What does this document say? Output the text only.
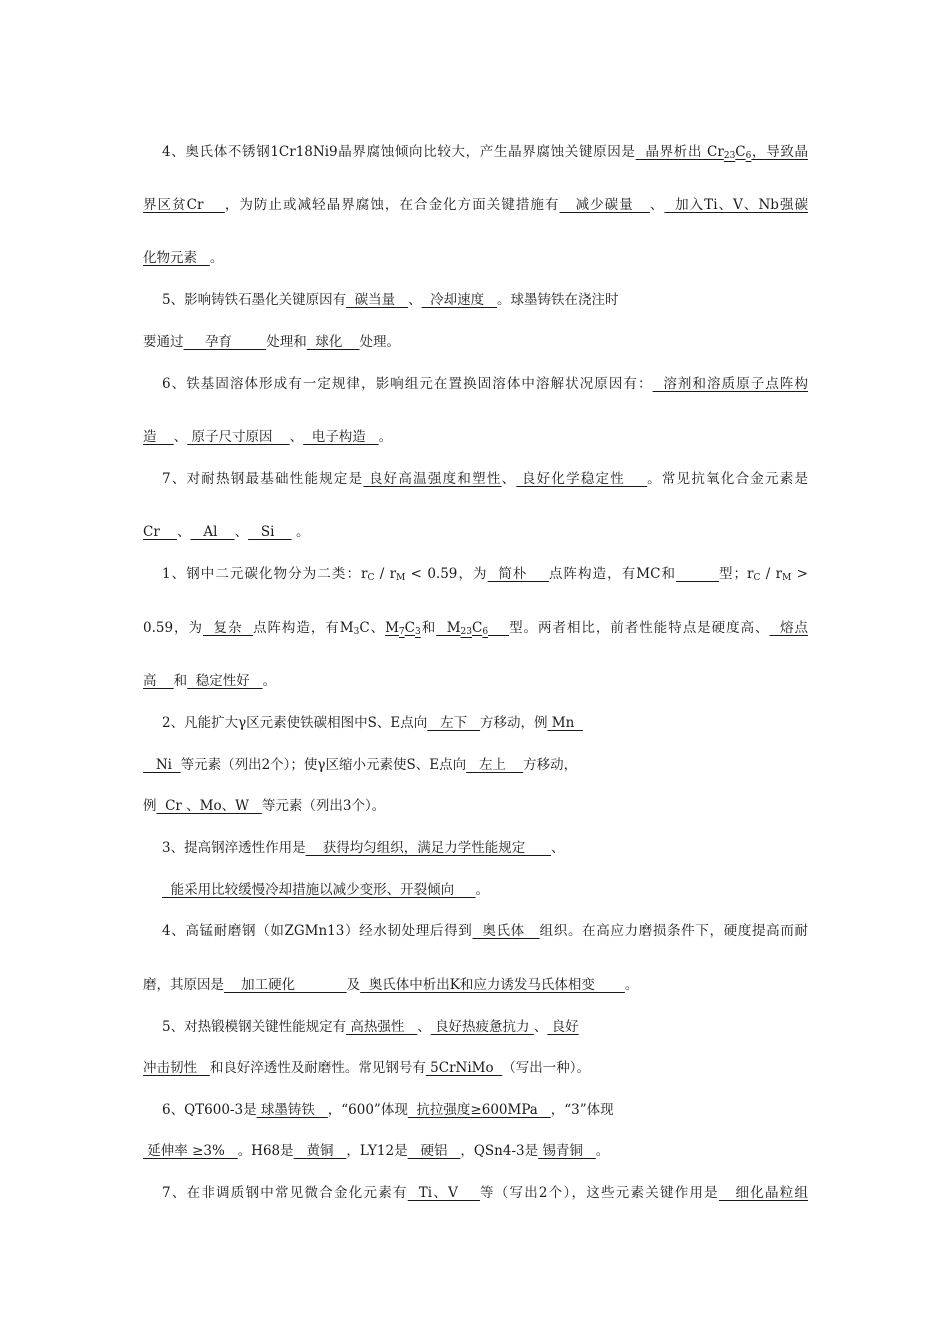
4、奥氏体不锈钢1Cr18Ni9晶界腐蚀倾向比较大，产生晶界腐蚀关键原因是  晶界析出 $Cr_{23}C_6$，导致晶

界区贫Cr    ，为防止或减轻晶界腐蚀，在合金化方面关键措施有   减少碳量   、  加入Ti、V、Nb强碳

化物元素   。

5、影响铸铁石墨化关键原因有  碳当量   、  冷却速度   。球墨铸铁在浇注时

要通过     孕育        处理和  球化    处理。

6、铁基固溶体形成有一定规律，影响组元在置换固溶体中溶解状况原因有：  溶剂和溶质原子点阵构

造    、 原子尺寸原因    、  电子构造   。

7、对耐热钢最基础性能规定是 良好高温强度和塑性、 良好化学稳定性    。常见抗氧化合金元素是

Cr    、   Al    、   Si     。

1、钢中二元碳化物分为二类：$r_C / r_M < 0.59$，为  简朴    点阵构造，有MC和	型；$r_C / r_M$ >

0.59，为  复杂  点阵构造，有$M_3C$、$M_7C_3$和  $M_{23}C_6$ 型。两者相比，前者性能特点是硬度高、  熔点

高    和  稳定性好   。

2、凡能扩大γ区元素使铁碳相图中S、E点向   左下   方移动，例 Mn

Ni  等元素（列出2个）；使γ区缩小元素使S、E点向   左上    方移动，

例  Cr 、Mo、W   等元素（列出3个）。

3、提高钢淬透性作用是    获得均匀组织，满足力学性能规定      、

能采用比较缓慢冷却措施以减少变形、开裂倾向     。

4、高锰耐磨钢（如ZGMn13）经水韧处理后得到  奥氏体   组织。在高应力磨损条件下，硬度提高而耐

磨，其原因是    加工硬化            及  奥氏体中析出K和应力诱发马氏体相变       。

5、对热锻模钢关键性能规定有 高热强性   、 良好热疲惫抗力 、 良好

冲击韧性   和良好淬透性及耐磨性。常见钢号有 5CrNiMo  （写出一种）。

6、QT600-3是 球墨铸铁   ，“600”体现  抗拉强度≥600MPa   ，“3”体现

延伸率 ≥3%   。H68是   黄铜   ，LY12是   硬铝   ，QSn4-3是 锡青铜   。

7、在非调质钢中常见微合金化元素有  Ti、V    等（写出2个），这些元素关键作用是   细化晶粒组
